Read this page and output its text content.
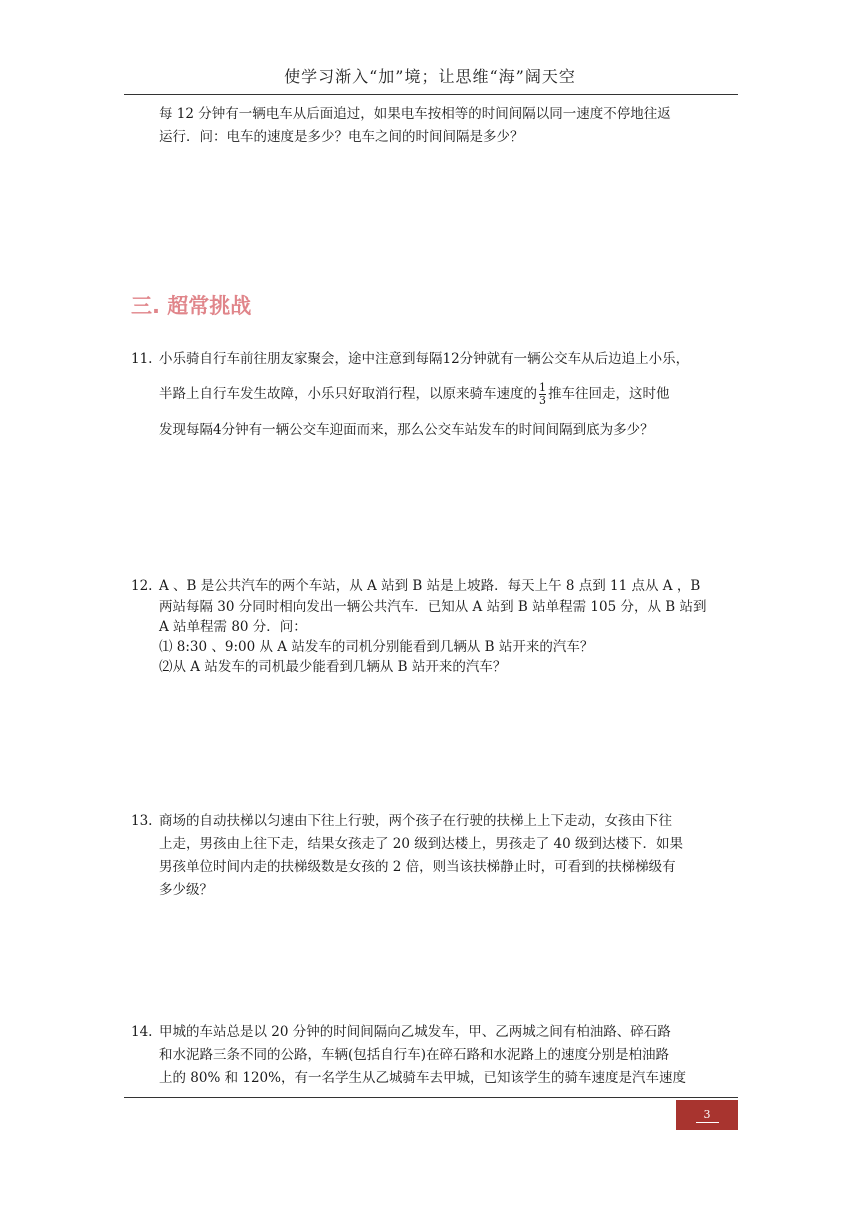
使学习渐入“加”境；让思维“海”阔天空
每 12 分钟有一辆电车从后面追过，如果电车按相等的时间间隔以同一速度不停地往返
运行．问：电车的速度是多少？电车之间的时间间隔是多少？
三. 超常挑战
11. 小乐骑自行车前往朋友家聚会，途中注意到每隔12分钟就有一辆公交车从后边追上小乐，
半路上自行车发生故障，小乐只好取消行程，以原来骑车速度的 $\frac{1}{3}$ 推车往回走，这时他
发现每隔4分钟有一辆公交车迎面而来，那么公交车站发车的时间间隔到底为多少？
12. A 、B 是公共汽车的两个车站，从 A 站到 B 站是上坡路．每天上午 8 点到 11 点从 A ，B
两站每隔 30 分同时相向发出一辆公共汽车．已知从 A 站到 B 站单程需 105 分，从 B 站到
A 站单程需 80 分．问：
⑴ 8:30 、9:00 从 A 站发车的司机分别能看到几辆从 B 站开来的汽车？
⑵从 A 站发车的司机最少能看到几辆从 B 站开来的汽车？
13. 商场的自动扶梯以匀速由下往上行驶，两个孩子在行驶的扶梯上上下走动，女孩由下往
上走，男孩由上往下走，结果女孩走了 20 级到达楼上，男孩走了 40 级到达楼下．如果
男孩单位时间内走的扶梯级数是女孩的 2 倍，则当该扶梯静止时，可看到的扶梯梯级有
多少级？
14. 甲城的车站总是以 20 分钟的时间间隔向乙城发车，甲、乙两城之间有柏油路、碎石路
和水泥路三条不同的公路，车辆(包括自行车)在碎石路和水泥路上的速度分别是柏油路
上的 80% 和 120%，有一名学生从乙城骑车去甲城，已知该学生的骑车速度是汽车速度
3
